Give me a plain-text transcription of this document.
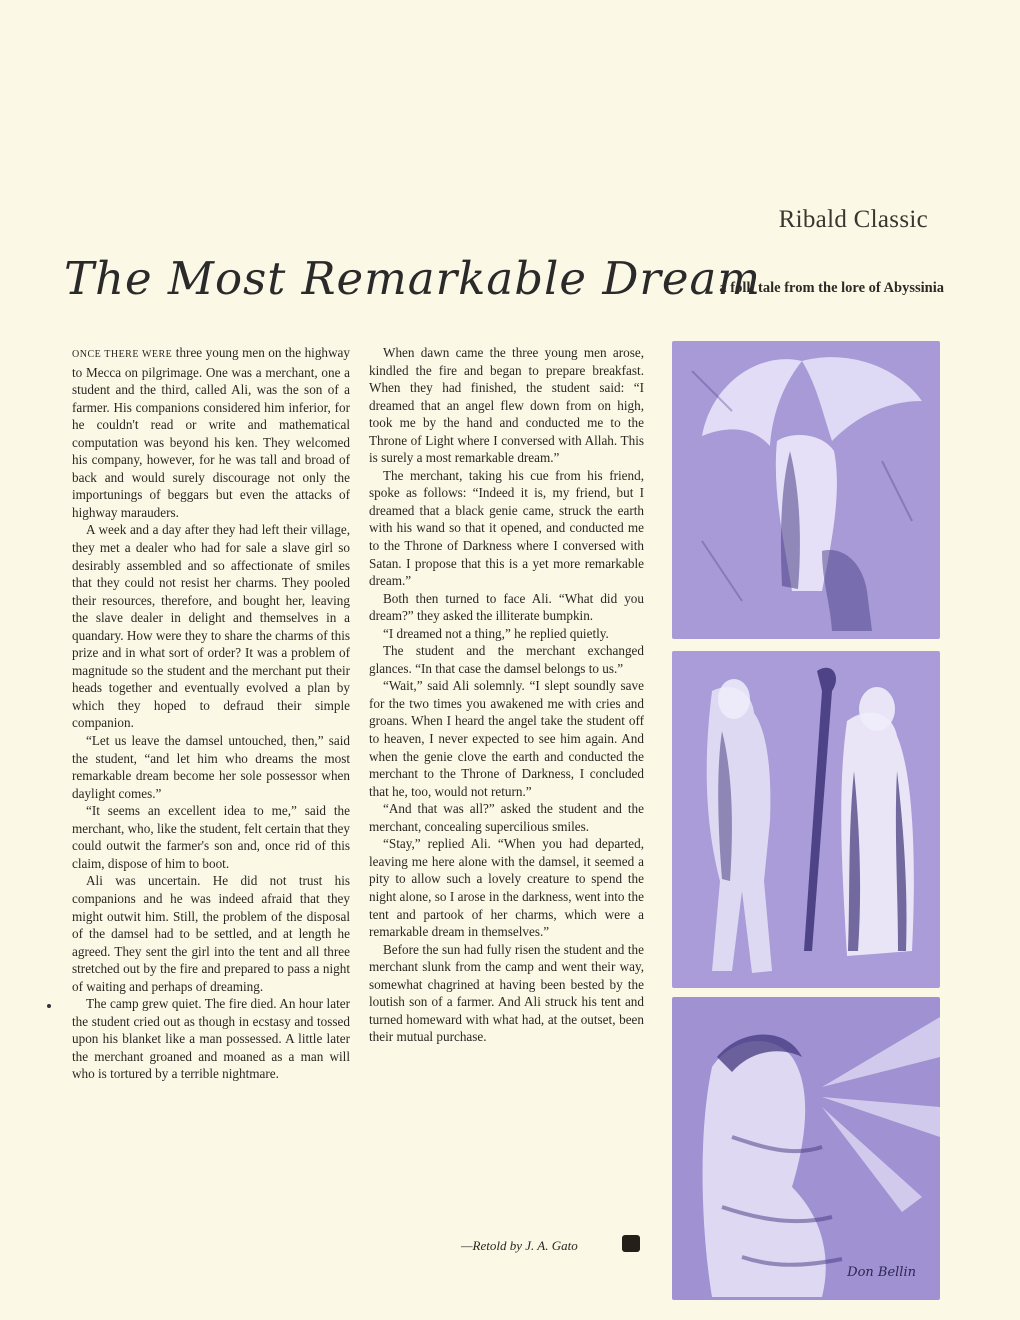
Ribald Classic
The Most Remarkable Dream
a folk tale from the lore of Abyssinia

ONCE THERE WERE three young men on the highway to Mecca on pilgrimage. One was a merchant, one a student and the third, called Ali, was the son of a farmer. His companions considered him inferior, for he couldn't read or write and mathematical computation was beyond his ken. They welcomed his company, however, for he was tall and broad of back and would surely discourage not only the importunings of beggars but even the attacks of highway marauders.

A week and a day after they had left their village, they met a dealer who had for sale a slave girl so desirably assembled and so affectionate of smiles that they could not resist her charms. They pooled their resources, therefore, and bought her, leaving the slave dealer in delight and themselves in a quandary. How were they to share the charms of this prize and in what sort of order? It was a problem of magnitude so the student and the merchant put their heads together and eventually evolved a plan by which they hoped to defraud their simple companion.

“Let us leave the damsel untouched, then,” said the student, “and let him who dreams the most remarkable dream become her sole possessor when daylight comes.”

“It seems an excellent idea to me,” said the merchant, who, like the student, felt certain that they could outwit the farmer's son and, once rid of this claim, dispose of him to boot.

Ali was uncertain. He did not trust his companions and he was indeed afraid that they might outwit him. Still, the problem of the disposal of the damsel had to be settled, and at length he agreed. They sent the girl into the tent and all three stretched out by the fire and prepared to pass a night of waiting and perhaps of dreaming.

The camp grew quiet. The fire died. An hour later the student cried out as though in ecstasy and tossed upon his blanket like a man possessed. A little later the merchant groaned and moaned as a man will who is tortured by a terrible nightmare.

When dawn came the three young men arose, kindled the fire and began to prepare breakfast. When they had finished, the student said: “I dreamed that an angel flew down from on high, took me by the hand and conducted me to the Throne of Light where I conversed with Allah. This is surely a most remarkable dream.”

The merchant, taking his cue from his friend, spoke as follows: “Indeed it is, my friend, but I dreamed that a black genie came, struck the earth with his wand so that it opened, and conducted me to the Throne of Darkness where I conversed with Satan. I propose that this is a yet more remarkable dream.”

Both then turned to face Ali. “What did you dream?” they asked the illiterate bumpkin.

“I dreamed not a thing,” he replied quietly.

The student and the merchant exchanged glances. “In that case the damsel belongs to us.”

“Wait,” said Ali solemnly. “I slept soundly save for the two times you awakened me with cries and groans. When I heard the angel take the student off to heaven, I never expected to see him again. And when the genie clove the earth and conducted the merchant to the Throne of Darkness, I concluded that he, too, would not return.”

“And that was all?” asked the student and the merchant, concealing supercilious smiles.

“Stay,” replied Ali. “When you had departed, leaving me here alone with the damsel, it seemed a pity to allow such a lovely creature to spend the night alone, so I arose in the darkness, went into the tent and partook of her charms, which were a remarkable dream in themselves.”

Before the sun had fully risen the student and the merchant slunk from the camp and went their way, somewhat chagrined at having been bested by the loutish son of a farmer. And Ali struck his tent and turned homeward with what had, at the outset, been their mutual purchase.

—Retold by J. A. Gato
Don Bellin
